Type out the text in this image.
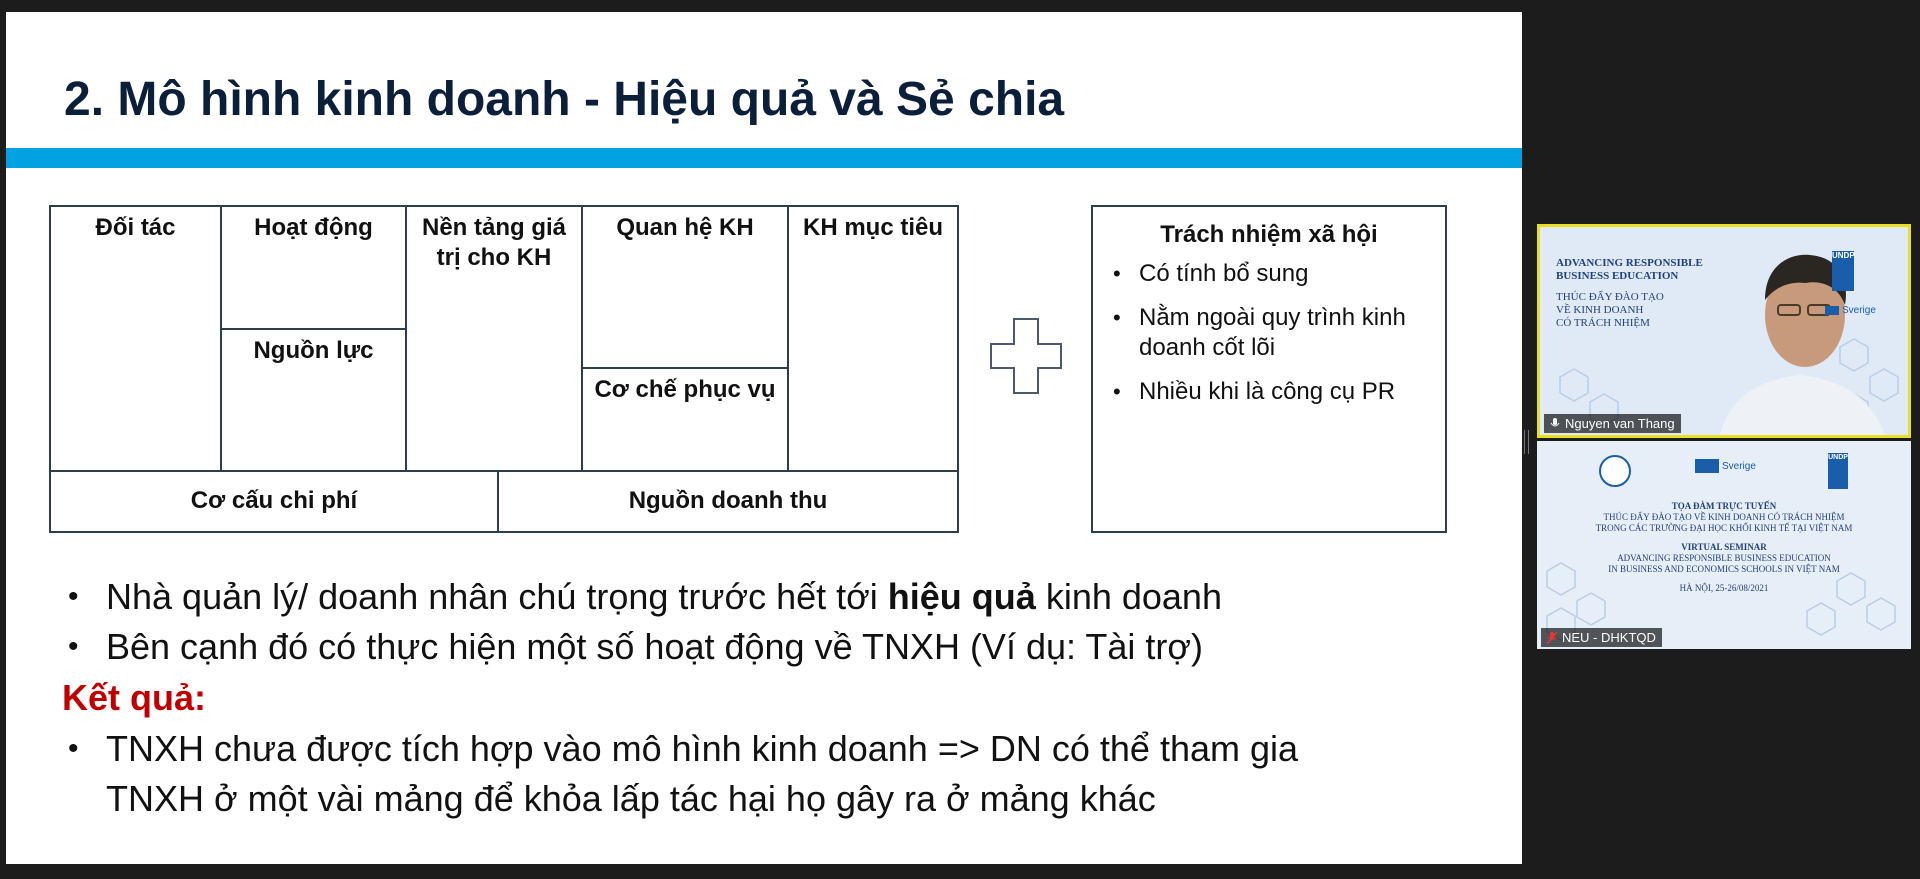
2. Mô hình kinh doanh - Hiệu quả và Sẻ chia
Đối tác	Hoạt động
Nguồn lực
Nền tảng giá trị cho KH
Quan hệ KH
Cơ chế phục vụ
KH mục tiêu
Cơ cấu chi phí	Nguồn doanh thu
Trách nhiệm xã hội
• Có tính bổ sung
• Nằm ngoài quy trình kinh doanh cốt lõi
• Nhiều khi là công cụ PR
• Nhà quản lý/ doanh nhân chú trọng trước hết tới hiệu quả kinh doanh
• Bên cạnh đó có thực hiện một số hoạt động về TNXH (Ví dụ: Tài trợ)
Kết quả:
• TNXH chưa được tích hợp vào mô hình kinh doanh => DN có thể tham gia
TNXH ở một vài mảng để khỏa lấp tác hại họ gây ra ở mảng khác
ADVANCING RESPONSIBLE
BUSINESS EDUCATION
THÚC ĐẨY ĐÀO TẠO
VỀ KINH DOANH
CÓ TRÁCH NHIỆM
UNDP
Sverige
Nguyen van Thang
Sverige
UNDP
TỌA ĐÀM TRỰC TUYẾN
THÚC ĐẨY ĐÀO TẠO VỀ KINH DOANH CÓ TRÁCH NHIỆM
TRONG CÁC TRƯỜNG ĐẠI HỌC KHỐI KINH TẾ TẠI VIỆT NAM
VIRTUAL SEMINAR
ADVANCING RESPONSIBLE BUSINESS EDUCATION
IN BUSINESS AND ECONOMICS SCHOOLS IN VIỆT NAM
HÀ NỘI, 25-26/08/2021
NEU - DHKTQD
